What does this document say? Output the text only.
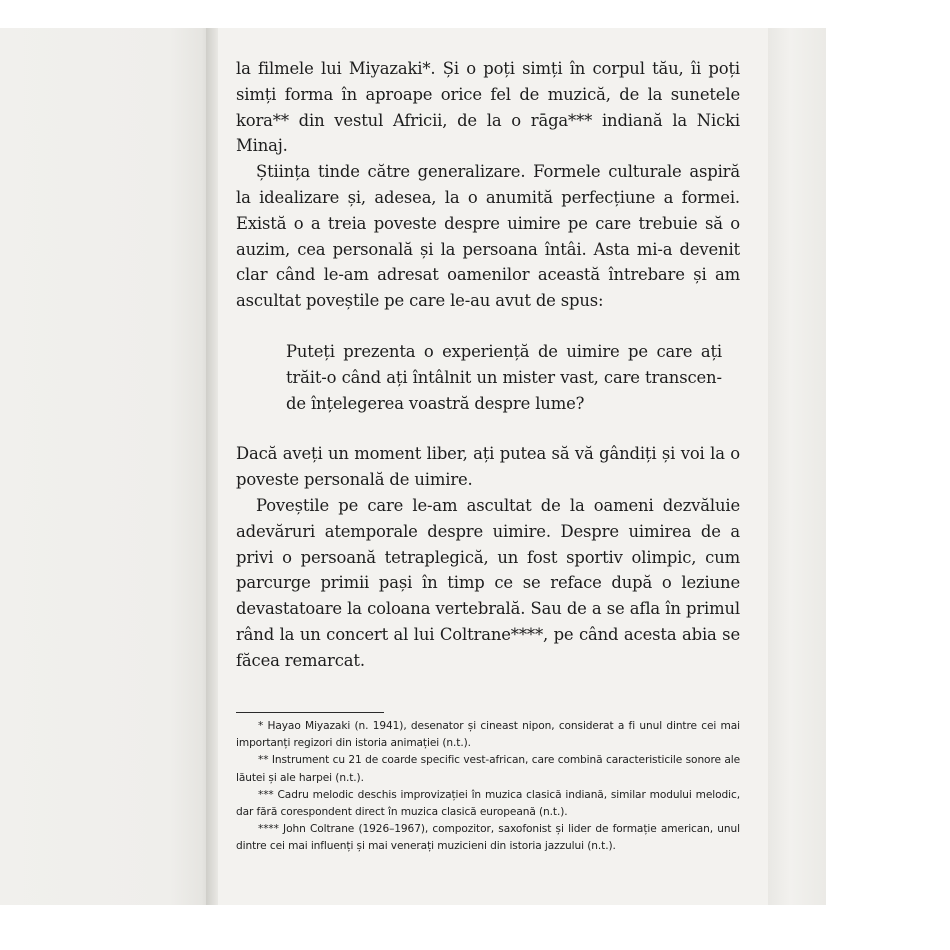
la filmele lui Miyazaki*. Și o poți simți în corpul tău, îi poți simți forma în aproape orice fel de muzică, de la sunetele kora** din vestul Africii, de la o rāga*** indiană la Nicki Minaj.

Știința tinde către generalizare. Formele culturale aspiră la idealizare și, adesea, la o anumită perfecțiune a formei. Există o a treia poveste despre uimire pe care trebuie să o auzim, cea personală și la persoana întâi. Asta mi-a devenit clar când le-am adresat oamenilor această întrebare și am ascultat poveștile pe care le-au avut de spus:

Puteți prezenta o experiență de uimire pe care ați trăit-o când ați întâlnit un mister vast, care transcende înțelegerea voastră despre lume?

Dacă aveți un moment liber, ați putea să vă gândiți și voi la o poveste personală de uimire.

Poveștile pe care le-am ascultat de la oameni dezvăluie adevăruri atemporale despre uimire. Despre uimirea de a privi o persoană tetraplegică, un fost sportiv olimpic, cum parcurge primii pași în timp ce se reface după o leziune devastatoare la coloana vertebrală. Sau de a se afla în primul rând la un concert al lui Coltrane****, pe când acesta abia se făcea remarcat.

* Hayao Miyazaki (n. 1941), desenator și cineast nipon, considerat a fi unul dintre cei mai importanți regizori din istoria animației (n.t.).

** Instrument cu 21 de coarde specific vest-african, care combină caracteristicile sonore ale lăutei și ale harpei (n.t.).

*** Cadru melodic deschis improvizației în muzica clasică indiană, similar modului melodic, dar fără corespondent direct în muzica clasică europeană (n.t.).

**** John Coltrane (1926–1967), compozitor, saxofonist și lider de formație american, unul dintre cei mai influenți și mai venerați muzicieni din istoria jazzului (n.t.).
